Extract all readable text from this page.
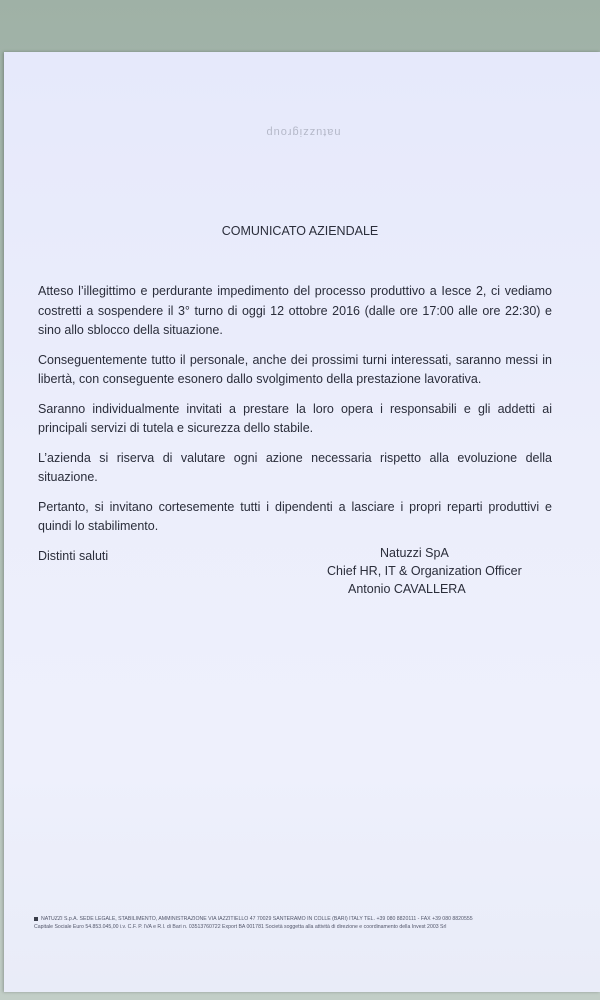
natuzzigroup
COMUNICATO AZIENDALE

Atteso l’illegittimo e perdurante impedimento del processo produttivo a Iesce 2, ci vediamo costretti a sospendere il 3° turno di oggi 12 ottobre 2016 (dalle ore 17:00 alle ore 22:30) e sino allo sblocco della situazione.

Conseguentemente tutto il personale, anche dei prossimi turni interessati, saranno messi in libertà, con conseguente esonero dallo svolgimento della prestazione lavorativa.

Saranno individualmente invitati a prestare la loro opera i responsabili e gli addetti ai principali servizi di tutela e sicurezza dello stabile.

L’azienda si riserva di valutare ogni azione necessaria rispetto alla evoluzione della situazione.

Pertanto, si invitano cortesemente tutti i dipendenti a lasciare i propri reparti produttivi e quindi lo stabilimento.

Distinti saluti	Natuzzi SpA
Chief HR, IT & Organization Officer
Antonio CAVALLERA
NATUZZI S.p.A. SEDE LEGALE, STABILIMENTO, AMMINISTRAZIONE VIA IAZZITIELLO 47 70029 SANTERAMO IN COLLE (BARI) ITALY TEL. +39 080 8820111 - FAX +39 080 8820555
Capitale Sociale Euro 54.853.045,00 i.v. C.F. P. IVA e R.I. di Bari n. 03513760722 Export BA 001781 Società soggetta alla attività di direzione e coordinamento della Invest 2003 Srl
